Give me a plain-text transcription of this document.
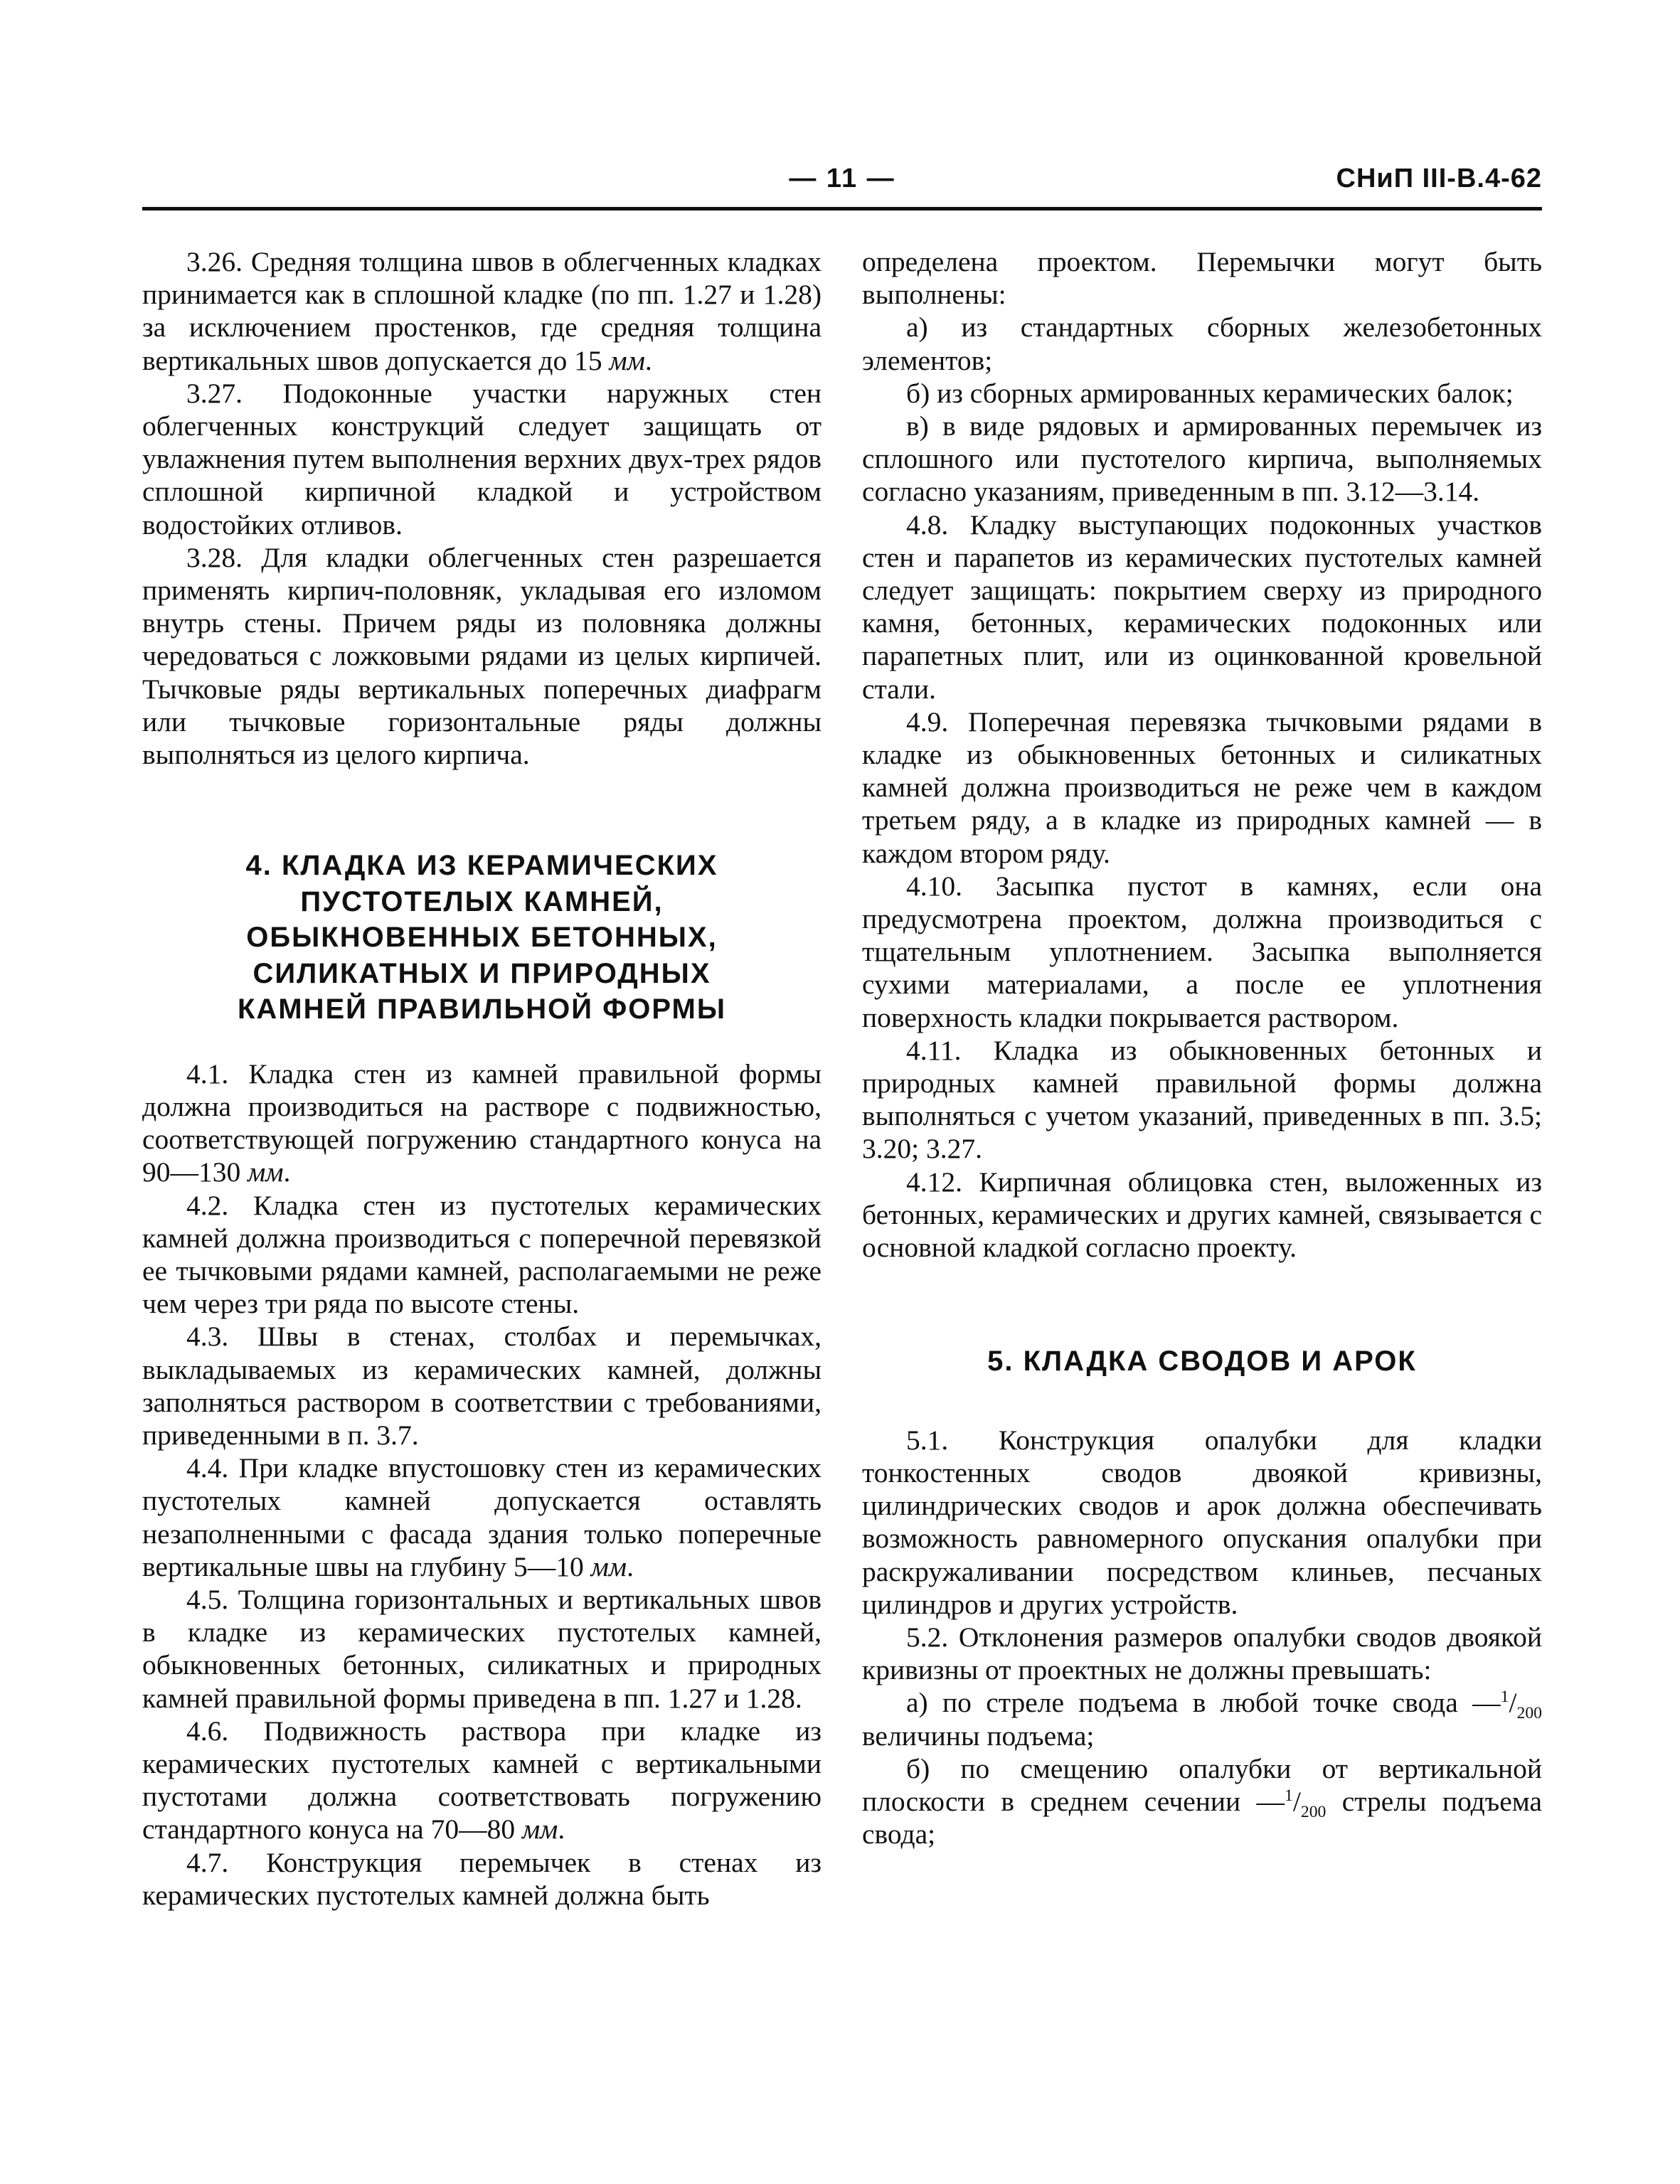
— 11 —	СНиП III-В.4-62

3.26. Средняя толщина швов в облегченных кладках принимается как в сплошной кладке (по пп. 1.27 и 1.28) за исключением простенков, где средняя толщина вертикальных швов допускается до 15 мм.

3.27. Подоконные участки наружных стен облегченных конструкций следует защищать от увлажнения путем выполнения верхних двух-трех рядов сплошной кирпичной кладкой и устройством водостойких отливов.

3.28. Для кладки облегченных стен разрешается применять кирпич-половняк, укладывая его изломом внутрь стены. Причем ряды из половняка должны чередоваться с ложковыми рядами из целых кирпичей. Тычковые ряды вертикальных поперечных диафрагм или тычковые горизонтальные ряды должны выполняться из целого кирпича.

4. КЛАДКА ИЗ КЕРАМИЧЕСКИХ
ПУСТОТЕЛЫХ КАМНЕЙ,
ОБЫКНОВЕННЫХ БЕТОННЫХ,
СИЛИКАТНЫХ И ПРИРОДНЫХ
КАМНЕЙ ПРАВИЛЬНОЙ ФОРМЫ

4.1. Кладка стен из камней правильной формы должна производиться на растворе с подвижностью, соответствующей погружению стандартного конуса на 90—130 мм.

4.2. Кладка стен из пустотелых керамических камней должна производиться с поперечной перевязкой ее тычковыми рядами камней, располагаемыми не реже чем через три ряда по высоте стены.

4.3. Швы в стенах, столбах и перемычках, выкладываемых из керамических камней, должны заполняться раствором в соответствии с требованиями, приведенными в п. 3.7.

4.4. При кладке впустошовку стен из керамических пустотелых камней допускается оставлять незаполненными с фасада здания только поперечные вертикальные швы на глубину 5—10 мм.

4.5. Толщина горизонтальных и вертикальных швов в кладке из керамических пустотелых камней, обыкновенных бетонных, силикатных и природных камней правильной формы приведена в пп. 1.27 и 1.28.

4.6. Подвижность раствора при кладке из керамических пустотелых камней с вертикальными пустотами должна соответствовать погружению стандартного конуса на 70—80 мм.

4.7. Конструкция перемычек в стенах из керамических пустотелых камней должна быть

определена проектом. Перемычки могут быть выполнены:

а) из стандартных сборных железобетонных элементов;

б) из сборных армированных керамических балок;

в) в виде рядовых и армированных перемычек из сплошного или пустотелого кирпича, выполняемых согласно указаниям, приведенным в пп. 3.12—3.14.

4.8. Кладку выступающих подоконных участков стен и парапетов из керамических пустотелых камней следует защищать: покрытием сверху из природного камня, бетонных, керамических подоконных или парапетных плит, или из оцинкованной кровельной стали.

4.9. Поперечная перевязка тычковыми рядами в кладке из обыкновенных бетонных и силикатных камней должна производиться не реже чем в каждом третьем ряду, а в кладке из природных камней — в каждом втором ряду.

4.10. Засыпка пустот в камнях, если она предусмотрена проектом, должна производиться с тщательным уплотнением. Засыпка выполняется сухими материалами, а после ее уплотнения поверхность кладки покрывается раствором.

4.11. Кладка из обыкновенных бетонных и природных камней правильной формы должна выполняться с учетом указаний, приведенных в пп. 3.5; 3.20; 3.27.

4.12. Кирпичная облицовка стен, выложенных из бетонных, керамических и других камней, связывается с основной кладкой согласно проекту.

5. КЛАДКА СВОДОВ И АРОК

5.1. Конструкция опалубки для кладки тонкостенных сводов двоякой кривизны, цилиндрических сводов и арок должна обеспечивать возможность равномерного опускания опалубки при раскружаливании посредством клиньев, песчаных цилиндров и других устройств.

5.2. Отклонения размеров опалубки сводов двоякой кривизны от проектных не должны превышать:

а) по стреле подъема в любой точке свода $—^1/_{200}$ величины подъема;

б) по смещению опалубки от вертикальной плоскости в среднем сечении $—^1/_{200}$ стрелы подъема свода;
